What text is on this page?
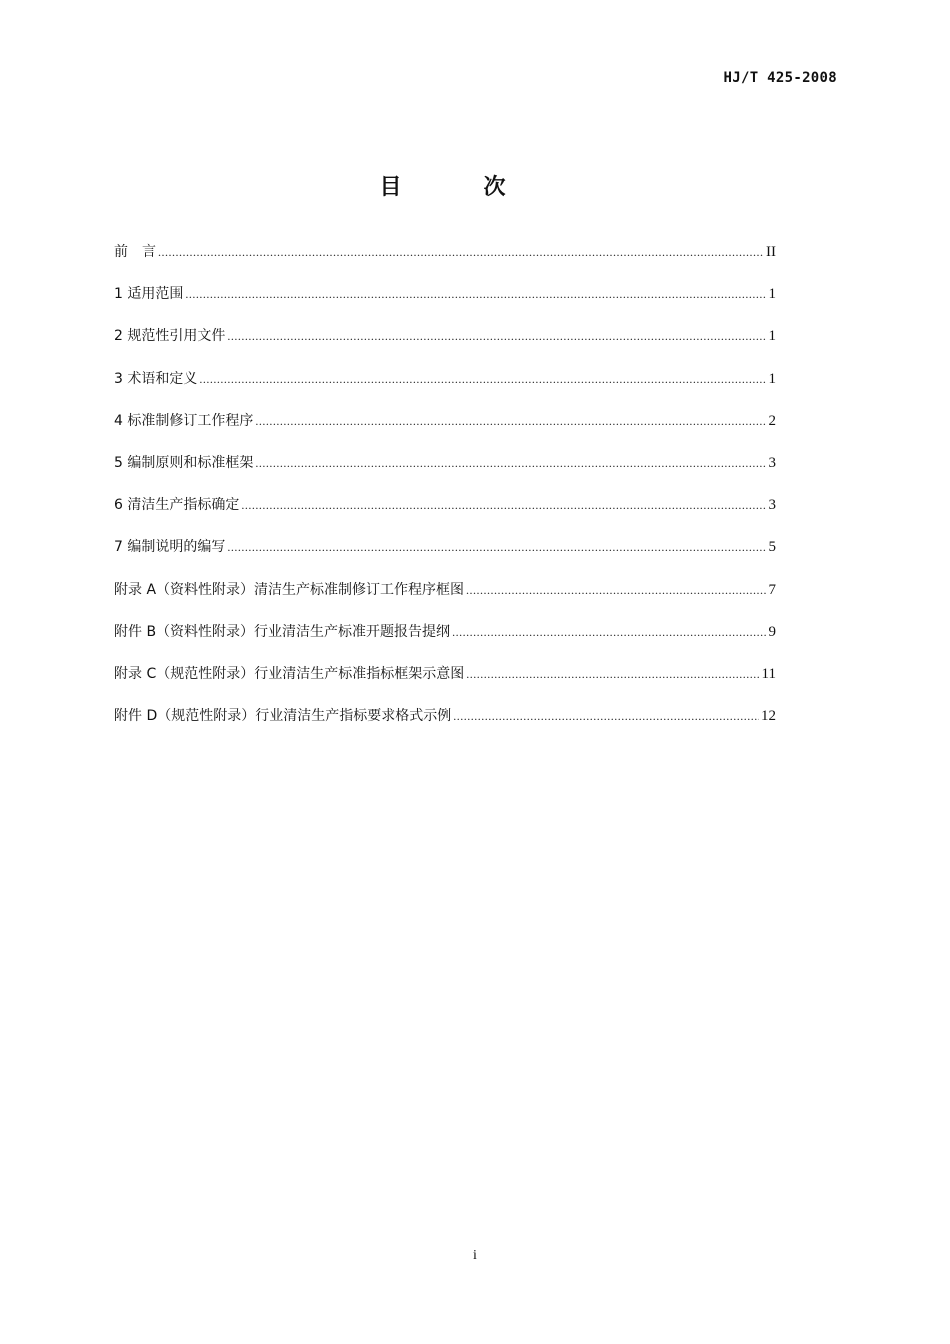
HJ/T 425-2008
目　次
前　言 .....	II
1 适用范围 .....	1
2 规范性引用文件 .....	1
3 术语和定义 .....	1
4 标准制修订工作程序 .....	2
5 编制原则和标准框架 .....	3
6 清洁生产指标确定 .....	3
7 编制说明的编写 .....	5
附录 A（资料性附录）清洁生产标准制修订工作程序框图 .....	7
附件 B（资料性附录）行业清洁生产标准开题报告提纲 .....	9
附录 C（规范性附录）行业清洁生产标准指标框架示意图 .....	11
附件 D（规范性附录）行业清洁生产指标要求格式示例 .....	12
i
